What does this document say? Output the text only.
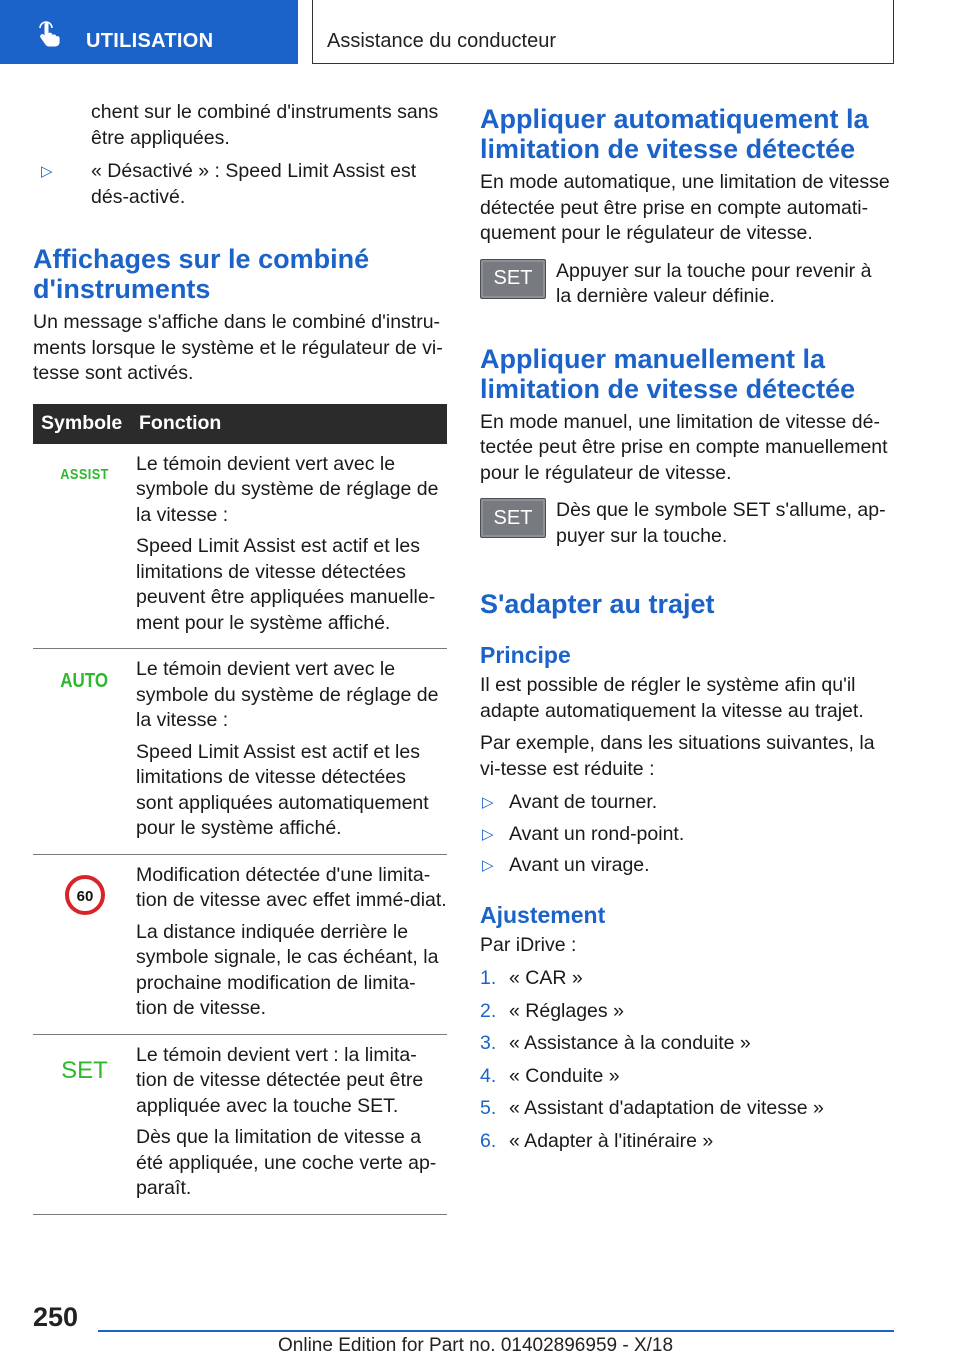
UTILISATION	Assistance du conducteur

chent sur le combiné d'instruments sans être appliquées.

▷	« Désactivé » : Speed Limit Assist est dés-activé.

Affichages sur le combiné d'instruments

Un message s'affiche dans le combiné d'instru-ments lorsque le système et le régulateur de vi-tesse sont activés.

Symbole	Fonction
ASSIST	Le témoin devient vert avec le symbole du système de réglage de la vitesse :

Speed Limit Assist est actif et les limitations de vitesse détectées peuvent être appliquées manuelle-ment pour le système affiché.

AUTO	Le témoin devient vert avec le symbole du système de réglage de la vitesse :

Speed Limit Assist est actif et les limitations de vitesse détectées sont appliquées automatiquement pour le système affiché.

60	Modification détectée d'une limita-tion de vitesse avec effet immé-diat.

La distance indiquée derrière le symbole signale, le cas échéant, la prochaine modification de limita-tion de vitesse.

SET	Le témoin devient vert : la limita-tion de vitesse détectée peut être appliquée avec la touche SET.

Dès que la limitation de vitesse a été appliquée, une coche verte ap-paraît.

Appliquer automatiquement la limitation de vitesse détectée

En mode automatique, une limitation de vitesse détectée peut être prise en compte automati-quement pour le régulateur de vitesse.

SET	Appuyer sur la touche pour revenir à la dernière valeur définie.

Appliquer manuellement la limitation de vitesse détectée

En mode manuel, une limitation de vitesse dé-tectée peut être prise en compte manuellement pour le régulateur de vitesse.

SET	Dès que le symbole SET s'allume, ap-puyer sur la touche.

S'adapter au trajet
Principe

Il est possible de régler le système afin qu'il adapte automatiquement la vitesse au trajet.

Par exemple, dans les situations suivantes, la vi-tesse est réduite :

▷ Avant de tourner.

▷ Avant un rond-point.

▷ Avant un virage.

Ajustement

Par iDrive :

1. « CAR »

2. « Réglages »

3. « Assistance à la conduite »

4. « Conduite »

5. « Assistant d'adaptation de vitesse »

6. « Adapter à l'itinéraire »

250
Online Edition for Part no. 01402896959 - X/18
